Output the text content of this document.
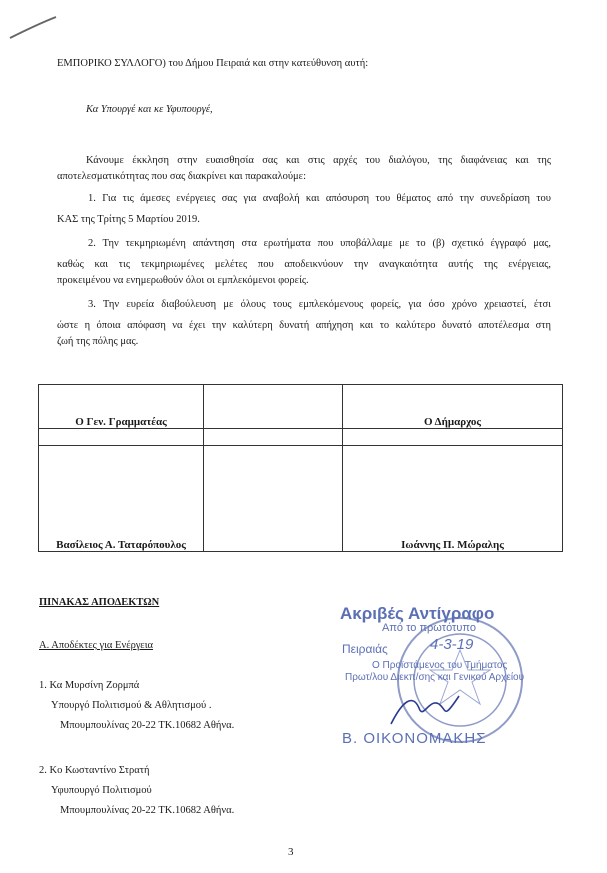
ΕΜΠΟΡΙΚΟ ΣΥΛΛΟΓΟ) του Δήμου Πειραιά και στην κατεύθυνση αυτή:
Κα Υπουργέ και κε Υφυπουργέ,
Κάνουμε έκκληση στην ευαισθησία σας και στις αρχές του διαλόγου, της διαφάνειας και της
αποτελεσματικότητας που σας διακρίνει και παρακαλούμε:
1. Για τις άμεσες ενέργειες σας για αναβολή και απόσυρση του θέματος από την συνεδρίαση του
ΚΑΣ της Τρίτης 5 Μαρτίου 2019.
2. Την τεκμηριωμένη απάντηση στα ερωτήματα που υποβάλλαμε με το (β) σχετικό έγγραφό μας,
καθώς και τις τεκμηριωμένες μελέτες που αποδεικνύουν την αναγκαιότητα αυτής της ενέργειας,
προκειμένου να ενημερωθούν όλοι οι εμπλεκόμενοι φορείς.
3. Την ευρεία διαβούλευση με όλους τους εμπλεκόμενους φορείς, για όσο χρόνο χρειαστεί, έτσι
ώστε η όποια απόφαση να έχει την καλύτερη δυνατή απήχηση και το καλύτερο δυνατό αποτέλεσμα στη
ζωή της πόλης μας.
Ο Γεν. Γραμματέας		Ο Δήμαρχος

Βασίλειος Α. Ταταρόπουλος		Ιωάννης Π. Μώραλης
ΠΙΝΑΚΑΣ ΑΠΟΔΕΚΤΩΝ
Α. Αποδέκτες για Ενέργεια
1. Κα Μυρσίνη Ζορμπά
Υπουργό Πολιτισμού & Αθλητισμού .
Μπουμπουλίνας 20-22 ΤΚ.10682 Αθήνα.
2. Κο Κωσταντίνο Στρατή
Υφυπουργό Πολιτισμού
Μπουμπουλίνας 20-22 ΤΚ.10682 Αθήνα.
Ακριβές Αντίγραφο
Από το πρωτότυπο
Πειραιάς	4-3-19
Ο Προϊστάμενος του Τμήματος
Πρωτ/λου Διεκπ/σης και Γενικού Αρχείου
Β. ΟΙΚΟΝΟΜΑΚΗΣ
3
